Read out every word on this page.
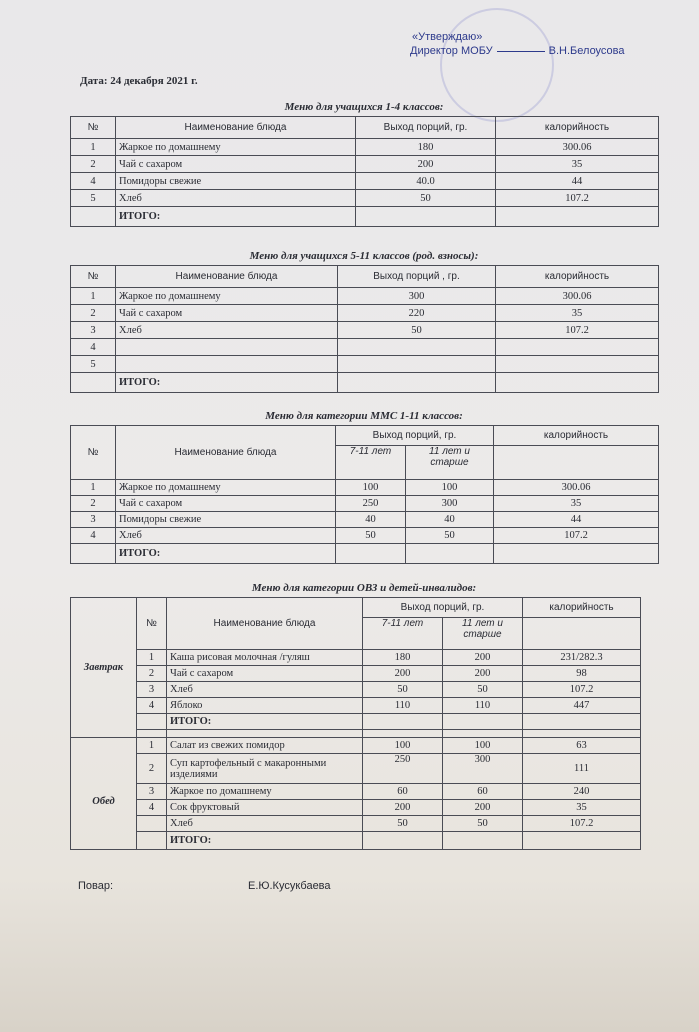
«Утверждаю»
Директор МОБУ	В.Н.Белоусова
Дата: 24 декабря 2021 г.
Меню для учащихся 1-4 классов:
№	Наименование блюда	Выход порций, гр.	калорийность
1	Жаркое по домашнему	180	300.06
2	Чай с сахаром	200	35
4	Помидоры свежие	40.0	44
5	Хлеб	50	107.2
	ИТОГО:		
Меню для учащихся 5-11 классов (род. взносы):
№	Наименование блюда	Выход порций , гр.	калорийность
1	Жаркое по домашнему	300	300.06
2	Чай с сахаром	220	35
3	Хлеб	50	107.2
4			
5			
	ИТОГО:		
Меню для категории ММС 1-11 классов:
№	Наименование блюда	Выход порций, гр.		калорийность
		7-11 лет	11 лет и старше	
1	Жаркое по домашнему	100	100	300.06
2	Чай с сахаром	250	300	35
3	Помидоры свежие	40	40	44
4	Хлеб	50	50	107.2
	ИТОГО:			
Меню для категории ОВЗ и детей-инвалидов:
Завтрак	№	Наименование блюда	Выход порций, гр.		калорийность
			7-11 лет	11 лет и старше	
	1	Каша рисовая молочная /гуляш	180	200	231/282.3
	2	Чай с сахаром	200	200	98
	3	Хлеб	50	50	107.2
	4	Яблоко	110	110	447
		ИТОГО:			

	1	Салат из свежих помидор	100	100	63
Обед	2	Суп картофельный с макаронными изделиями	250	300	111
	3	Жаркое по домашнему	60	60	240
	4	Сок фруктовый	200	200	35
		Хлеб	50	50	107.2
		ИТОГО:			
Повар:	Е.Ю.Кусукбаева
